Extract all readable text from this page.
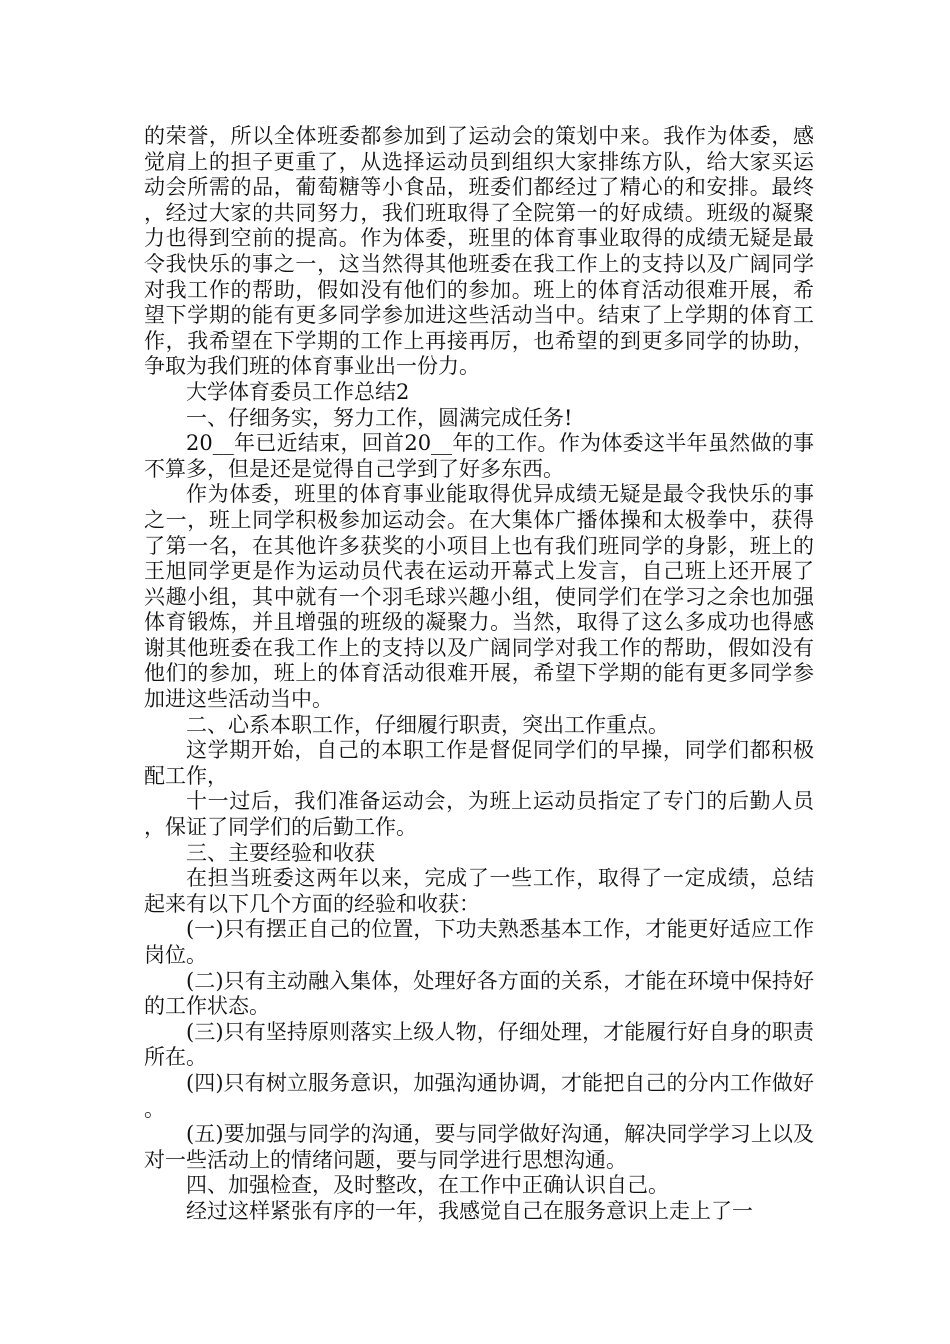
的荣誉，所以全体班委都参加到了运动会的策划中来。我作为体委，感觉肩上的担子更重了，从选择运动员到组织大家排练方队，给大家买运动会所需的品，葡萄糖等小食品，班委们都经过了精心的和安排。最终，经过大家的共同努力，我们班取得了全院第一的好成绩。班级的凝聚力也得到空前的提高。作为体委，班里的体育事业取得的成绩无疑是最令我快乐的事之一，这当然得其他班委在我工作上的支持以及广阔同学对我工作的帮助，假如没有他们的参加。班上的体育活动很难开展，希望下学期的能有更多同学参加进这些活动当中。结束了上学期的体育工作，我希望在下学期的工作上再接再厉，也希望的到更多同学的协助，争取为我们班的体育事业出一份力。

大学体育委员工作总结2

一、仔细务实，努力工作，圆满完成任务!

20__年已近结束，回首20__年的工作。作为体委这半年虽然做的事不算多，但是还是觉得自己学到了好多东西。

作为体委，班里的体育事业能取得优异成绩无疑是最令我快乐的事之一，班上同学积极参加运动会。在大集体广播体操和太极拳中，获得了第一名，在其他许多获奖的小项目上也有我们班同学的身影，班上的王旭同学更是作为运动员代表在运动开幕式上发言，自己班上还开展了兴趣小组，其中就有一个羽毛球兴趣小组，使同学们在学习之余也加强体育锻炼，并且增强的班级的凝聚力。当然，取得了这么多成功也得感谢其他班委在我工作上的支持以及广阔同学对我工作的帮助，假如没有他们的参加，班上的体育活动很难开展，希望下学期的能有更多同学参加进这些活动当中。

二、心系本职工作，仔细履行职责，突出工作重点。

这学期开始，自己的本职工作是督促同学们的早操，同学们都积极配工作，

十一过后，我们准备运动会，为班上运动员指定了专门的后勤人员，保证了同学们的后勤工作。

三、主要经验和收获

在担当班委这两年以来，完成了一些工作，取得了一定成绩，总结起来有以下几个方面的经验和收获：

(一)只有摆正自己的位置，下功夫熟悉基本工作，才能更好适应工作岗位。

(二)只有主动融入集体，处理好各方面的关系，才能在环境中保持好的工作状态。

(三)只有坚持原则落实上级人物，仔细处理，才能履行好自身的职责所在。

(四)只有树立服务意识，加强沟通协调，才能把自己的分内工作做好。

(五)要加强与同学的沟通，要与同学做好沟通，解决同学学习上以及对一些活动上的情绪问题，要与同学进行思想沟通。

四、加强检查，及时整改，在工作中正确认识自己。

经过这样紧张有序的一年，我感觉自己在服务意识上走上了一
